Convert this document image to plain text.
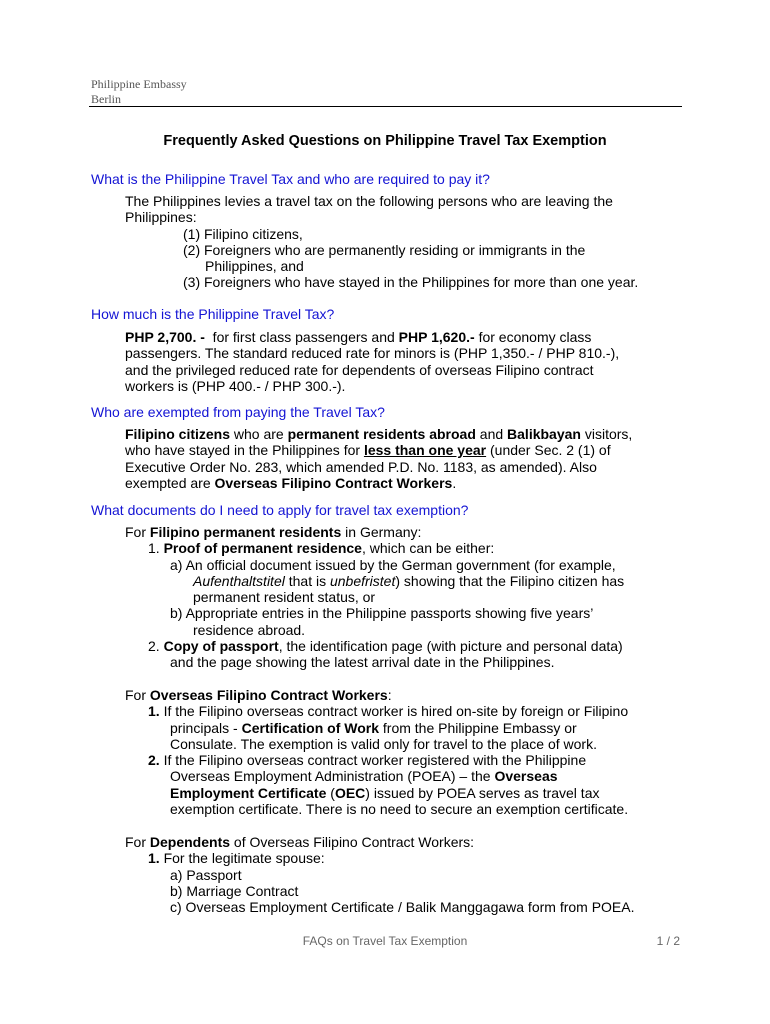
Philippine Embassy
Berlin
Frequently Asked Questions on Philippine Travel Tax Exemption
What is the Philippine Travel Tax and who are required to pay it?
The Philippines levies a travel tax on the following persons who are leaving the
Philippines:
(1) Filipino citizens,
(2) Foreigners who are permanently residing or immigrants in the
Philippines, and
(3) Foreigners who have stayed in the Philippines for more than one year.
How much is the Philippine Travel Tax?
PHP 2,700. -  for first class passengers and PHP 1,620.- for economy class
passengers. The standard reduced rate for minors is (PHP 1,350.- / PHP 810.-),
and the privileged reduced rate for dependents of overseas Filipino contract
workers is (PHP 400.- / PHP 300.-).
Who are exempted from paying the Travel Tax?
Filipino citizens who are permanent residents abroad and Balikbayan visitors,
who have stayed in the Philippines for less than one year (under Sec. 2 (1) of
Executive Order No. 283, which amended P.D. No. 1183, as amended). Also
exempted are Overseas Filipino Contract Workers.
What documents do I need to apply for travel tax exemption?
For Filipino permanent residents in Germany:
1. Proof of permanent residence, which can be either:
a) An official document issued by the German government (for example,
Aufenthaltstitel that is unbefristet) showing that the Filipino citizen has
permanent resident status, or
b) Appropriate entries in the Philippine passports showing five years’
residence abroad.
2. Copy of passport, the identification page (with picture and personal data)
and the page showing the latest arrival date in the Philippines.
For Overseas Filipino Contract Workers:
1. If the Filipino overseas contract worker is hired on-site by foreign or Filipino
principals - Certification of Work from the Philippine Embassy or
Consulate. The exemption is valid only for travel to the place of work.
2. If the Filipino overseas contract worker registered with the Philippine
Overseas Employment Administration (POEA) – the Overseas
Employment Certificate (OEC) issued by POEA serves as travel tax
exemption certificate. There is no need to secure an exemption certificate.
For Dependents of Overseas Filipino Contract Workers:
1. For the legitimate spouse:
a) Passport
b) Marriage Contract
c) Overseas Employment Certificate / Balik Manggagawa form from POEA.
FAQs on Travel Tax Exemption	1 / 2
